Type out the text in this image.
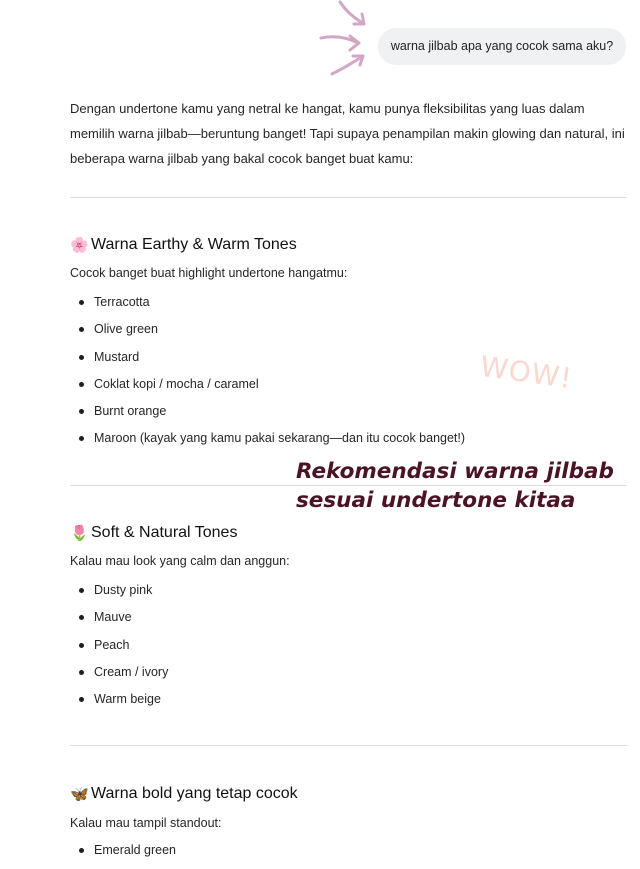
warna jilbab apa yang cocok sama aku?

Dengan undertone kamu yang netral ke hangat, kamu punya fleksibilitas yang luas dalam memilih warna jilbab—beruntung banget! Tapi supaya penampilan makin glowing dan natural, ini beberapa warna jilbab yang bakal cocok banget buat kamu:

🌸 Warna Earthy & Warm Tones

Cocok banget buat highlight undertone hangatmu:

Terracotta
Olive green
Mustard
Coklat kopi / mocha / caramel
Burnt orange
Maroon (kayak yang kamu pakai sekarang—dan itu cocok banget!)
WOW!
Rekomendasi warna jilbab
sesuai undertone kitaa
🌷 Soft & Natural Tones

Kalau mau look yang calm dan anggun:

Dusty pink
Mauve
Peach
Cream / ivory
Warm beige
🦋 Warna bold yang tetap cocok

Kalau mau tampil standout:

Emerald green
